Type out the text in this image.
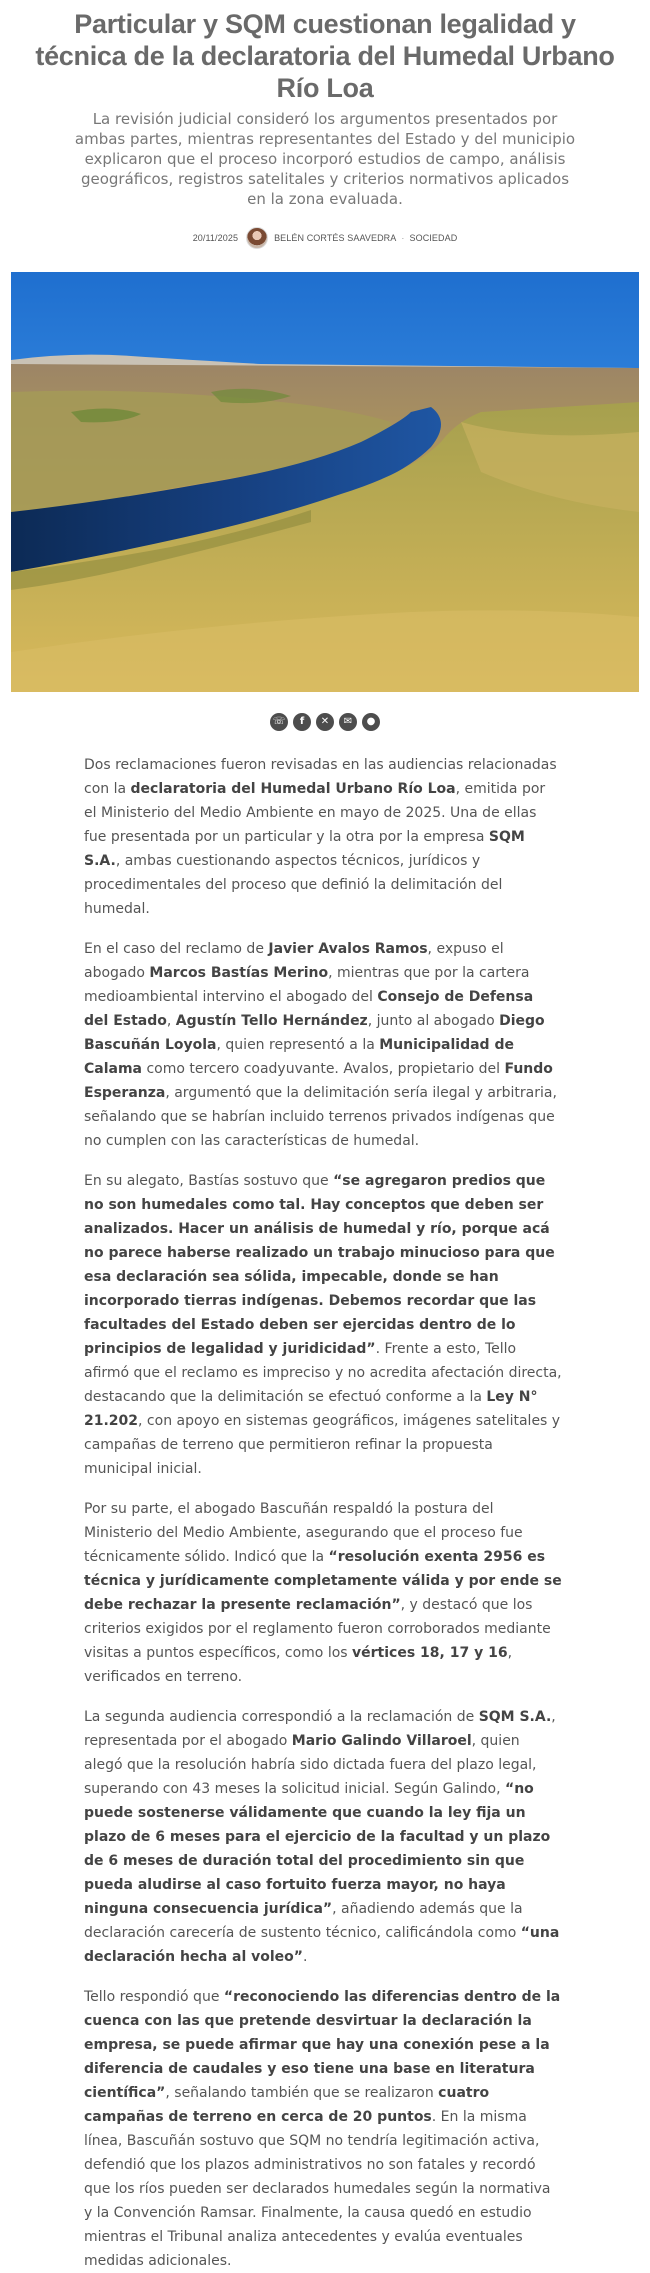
Particular y SQM cuestionan legalidad y técnica de la declaratoria del Humedal Urbano Río Loa

La revisión judicial consideró los argumentos presentados por ambas partes, mientras representantes del Estado y del municipio explicaron que el proceso incorporó estudios de campo, análisis geográficos, registros satelitales y criterios normativos aplicados en la zona evaluada.

20/11/2025	BELÉN CORTÉS SAAVEDRA · SOCIEDAD
☏	f	✕	✉	●

Dos reclamaciones fueron revisadas en las audiencias relacionadas con la declaratoria del Humedal Urbano Río Loa, emitida por el Ministerio del Medio Ambiente en mayo de 2025. Una de ellas fue presentada por un particular y la otra por la empresa SQM S.A., ambas cuestionando aspectos técnicos, jurídicos y procedimentales del proceso que definió la delimitación del humedal.

En el caso del reclamo de Javier Avalos Ramos, expuso el abogado Marcos Bastías Merino, mientras que por la cartera medioambiental intervino el abogado del Consejo de Defensa del Estado, Agustín Tello Hernández, junto al abogado Diego Bascuñán Loyola, quien representó a la Municipalidad de Calama como tercero coadyuvante. Avalos, propietario del Fundo Esperanza, argumentó que la delimitación sería ilegal y arbitraria, señalando que se habrían incluido terrenos privados indígenas que no cumplen con las características de humedal.

En su alegato, Bastías sostuvo que “se agregaron predios que no son humedales como tal. Hay conceptos que deben ser analizados. Hacer un análisis de humedal y río, porque acá no parece haberse realizado un trabajo minucioso para que esa declaración sea sólida, impecable, donde se han incorporado tierras indígenas. Debemos recordar que las facultades del Estado deben ser ejercidas dentro de lo principios de legalidad y juridicidad”. Frente a esto, Tello afirmó que el reclamo es impreciso y no acredita afectación directa, destacando que la delimitación se efectuó conforme a la Ley N° 21.202, con apoyo en sistemas geográficos, imágenes satelitales y campañas de terreno que permitieron refinar la propuesta municipal inicial.

Por su parte, el abogado Bascuñán respaldó la postura del Ministerio del Medio Ambiente, asegurando que el proceso fue técnicamente sólido. Indicó que la “resolución exenta 2956 es técnica y jurídicamente completamente válida y por ende se debe rechazar la presente reclamación”, y destacó que los criterios exigidos por el reglamento fueron corroborados mediante visitas a puntos específicos, como los vértices 18, 17 y 16, verificados en terreno.

La segunda audiencia correspondió a la reclamación de SQM S.A., representada por el abogado Mario Galindo Villaroel, quien alegó que la resolución habría sido dictada fuera del plazo legal, superando con 43 meses la solicitud inicial. Según Galindo, “no puede sostenerse válidamente que cuando la ley fija un plazo de 6 meses para el ejercicio de la facultad y un plazo de 6 meses de duración total del procedimiento sin que pueda aludirse al caso fortuito fuerza mayor, no haya ninguna consecuencia jurídica”, añadiendo además que la declaración carecería de sustento técnico, calificándola como “una declaración hecha al voleo”.

Tello respondió que “reconociendo las diferencias dentro de la cuenca con las que pretende desvirtuar la declaración la empresa, se puede afirmar que hay una conexión pese a la diferencia de caudales y eso tiene una base en literatura científica”, señalando también que se realizaron cuatro campañas de terreno en cerca de 20 puntos. En la misma línea, Bascuñán sostuvo que SQM no tendría legitimación activa, defendió que los plazos administrativos no son fatales y recordó que los ríos pueden ser declarados humedales según la normativa y la Convención Ramsar. Finalmente, la causa quedó en estudio mientras el Tribunal analiza antecedentes y evalúa eventuales medidas adicionales.
